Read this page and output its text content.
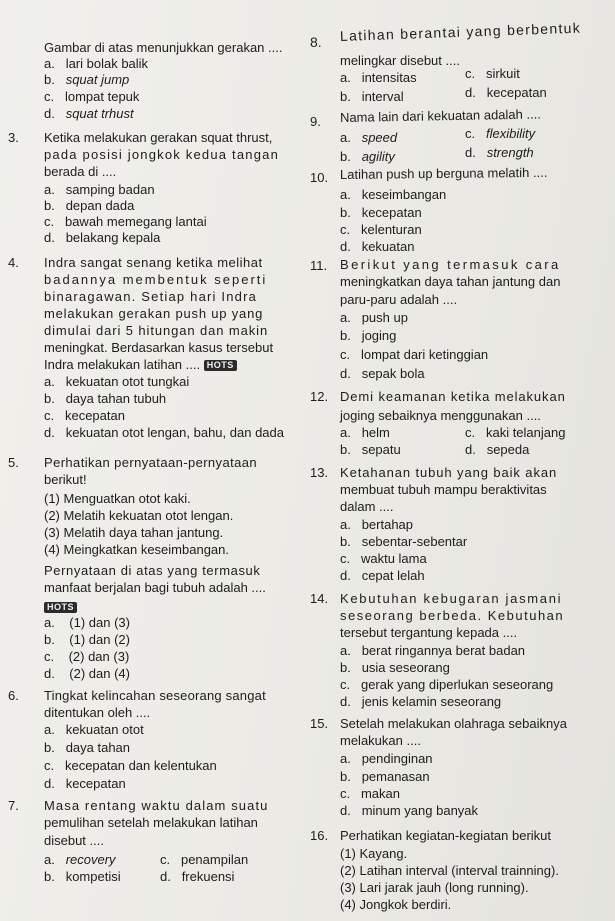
Gambar di atas menunjukkan gerakan ....
a. lari bolak balik
b. squat jump
c. lompat tepuk
d. squat trhust
3. Ketika melakukan gerakan squat thrust,
pada posisi jongkok kedua tangan
berada di ....
a. samping badan
b. depan dada
c. bawah memegang lantai
d. belakang kepala
4. Indra sangat senang ketika melihat
badannya membentuk seperti
binaragawan. Setiap hari Indra
melakukan gerakan push up yang
dimulai dari 5 hitungan dan makin
meningkat. Berdasarkan kasus tersebut
Indra melakukan latihan .... HOTS
a. kekuatan otot tungkai
b. daya tahan tubuh
c. kecepatan
d. kekuatan otot lengan, bahu, dan dada
5. Perhatikan pernyataan-pernyataan
berikut!
(1) Menguatkan otot kaki.
(2) Melatih kekuatan otot lengan.
(3) Melatih daya tahan jantung.
(4) Meingkatkan keseimbangan.
Pernyataan di atas yang termasuk
manfaat berjalan bagi tubuh adalah ....
HOTS
a. (1) dan (3)
b. (1) dan (2)
c. (2) dan (3)
d. (2) dan (4)
6. Tingkat kelincahan seseorang sangat
ditentukan oleh ....
a. kekuatan otot
b. daya tahan
c. kecepatan dan kelentukan
d. kecepatan
7. Masa rentang waktu dalam suatu
pemulihan setelah melakukan latihan
disebut ....
a. recovery	c. penampilan
b. kompetisi	d. frekuensi
8. Latihan berantai yang berbentuk
melingkar disebut ....
a. intensitas	c. sirkuit
b. interval	d. kecepatan
9. Nama lain dari kekuatan adalah ....
a. speed	c. flexibility
b. agility	d. strength
10. Latihan push up berguna melatih ....
a. keseimbangan
b. kecepatan
c. kelenturan
d. kekuatan
11. Berikut yang termasuk cara
meningkatkan daya tahan jantung dan
paru-paru adalah ....
a. push up
b. joging
c. lompat dari ketinggian
d. sepak bola
12. Demi keamanan ketika melakukan
joging sebaiknya menggunakan ....
a. helm	c. kaki telanjang
b. sepatu	d. sepeda
13. Ketahanan tubuh yang baik akan
membuat tubuh mampu beraktivitas
dalam ....
a. bertahap
b. sebentar-sebentar
c. waktu lama
d. cepat lelah
14. Kebutuhan kebugaran jasmani
seseorang berbeda. Kebutuhan
tersebut tergantung kepada ....
a. berat ringannya berat badan
b. usia seseorang
c. gerak yang diperlukan seseorang
d. jenis kelamin seseorang
15. Setelah melakukan olahraga sebaiknya
melakukan ....
a. pendinginan
b. pemanasan
c. makan
d. minum yang banyak
16. Perhatikan kegiatan-kegiatan berikut
(1) Kayang.
(2) Latihan interval (interval trainning).
(3) Lari jarak jauh (long running).
(4) Jongkok berdiri.
